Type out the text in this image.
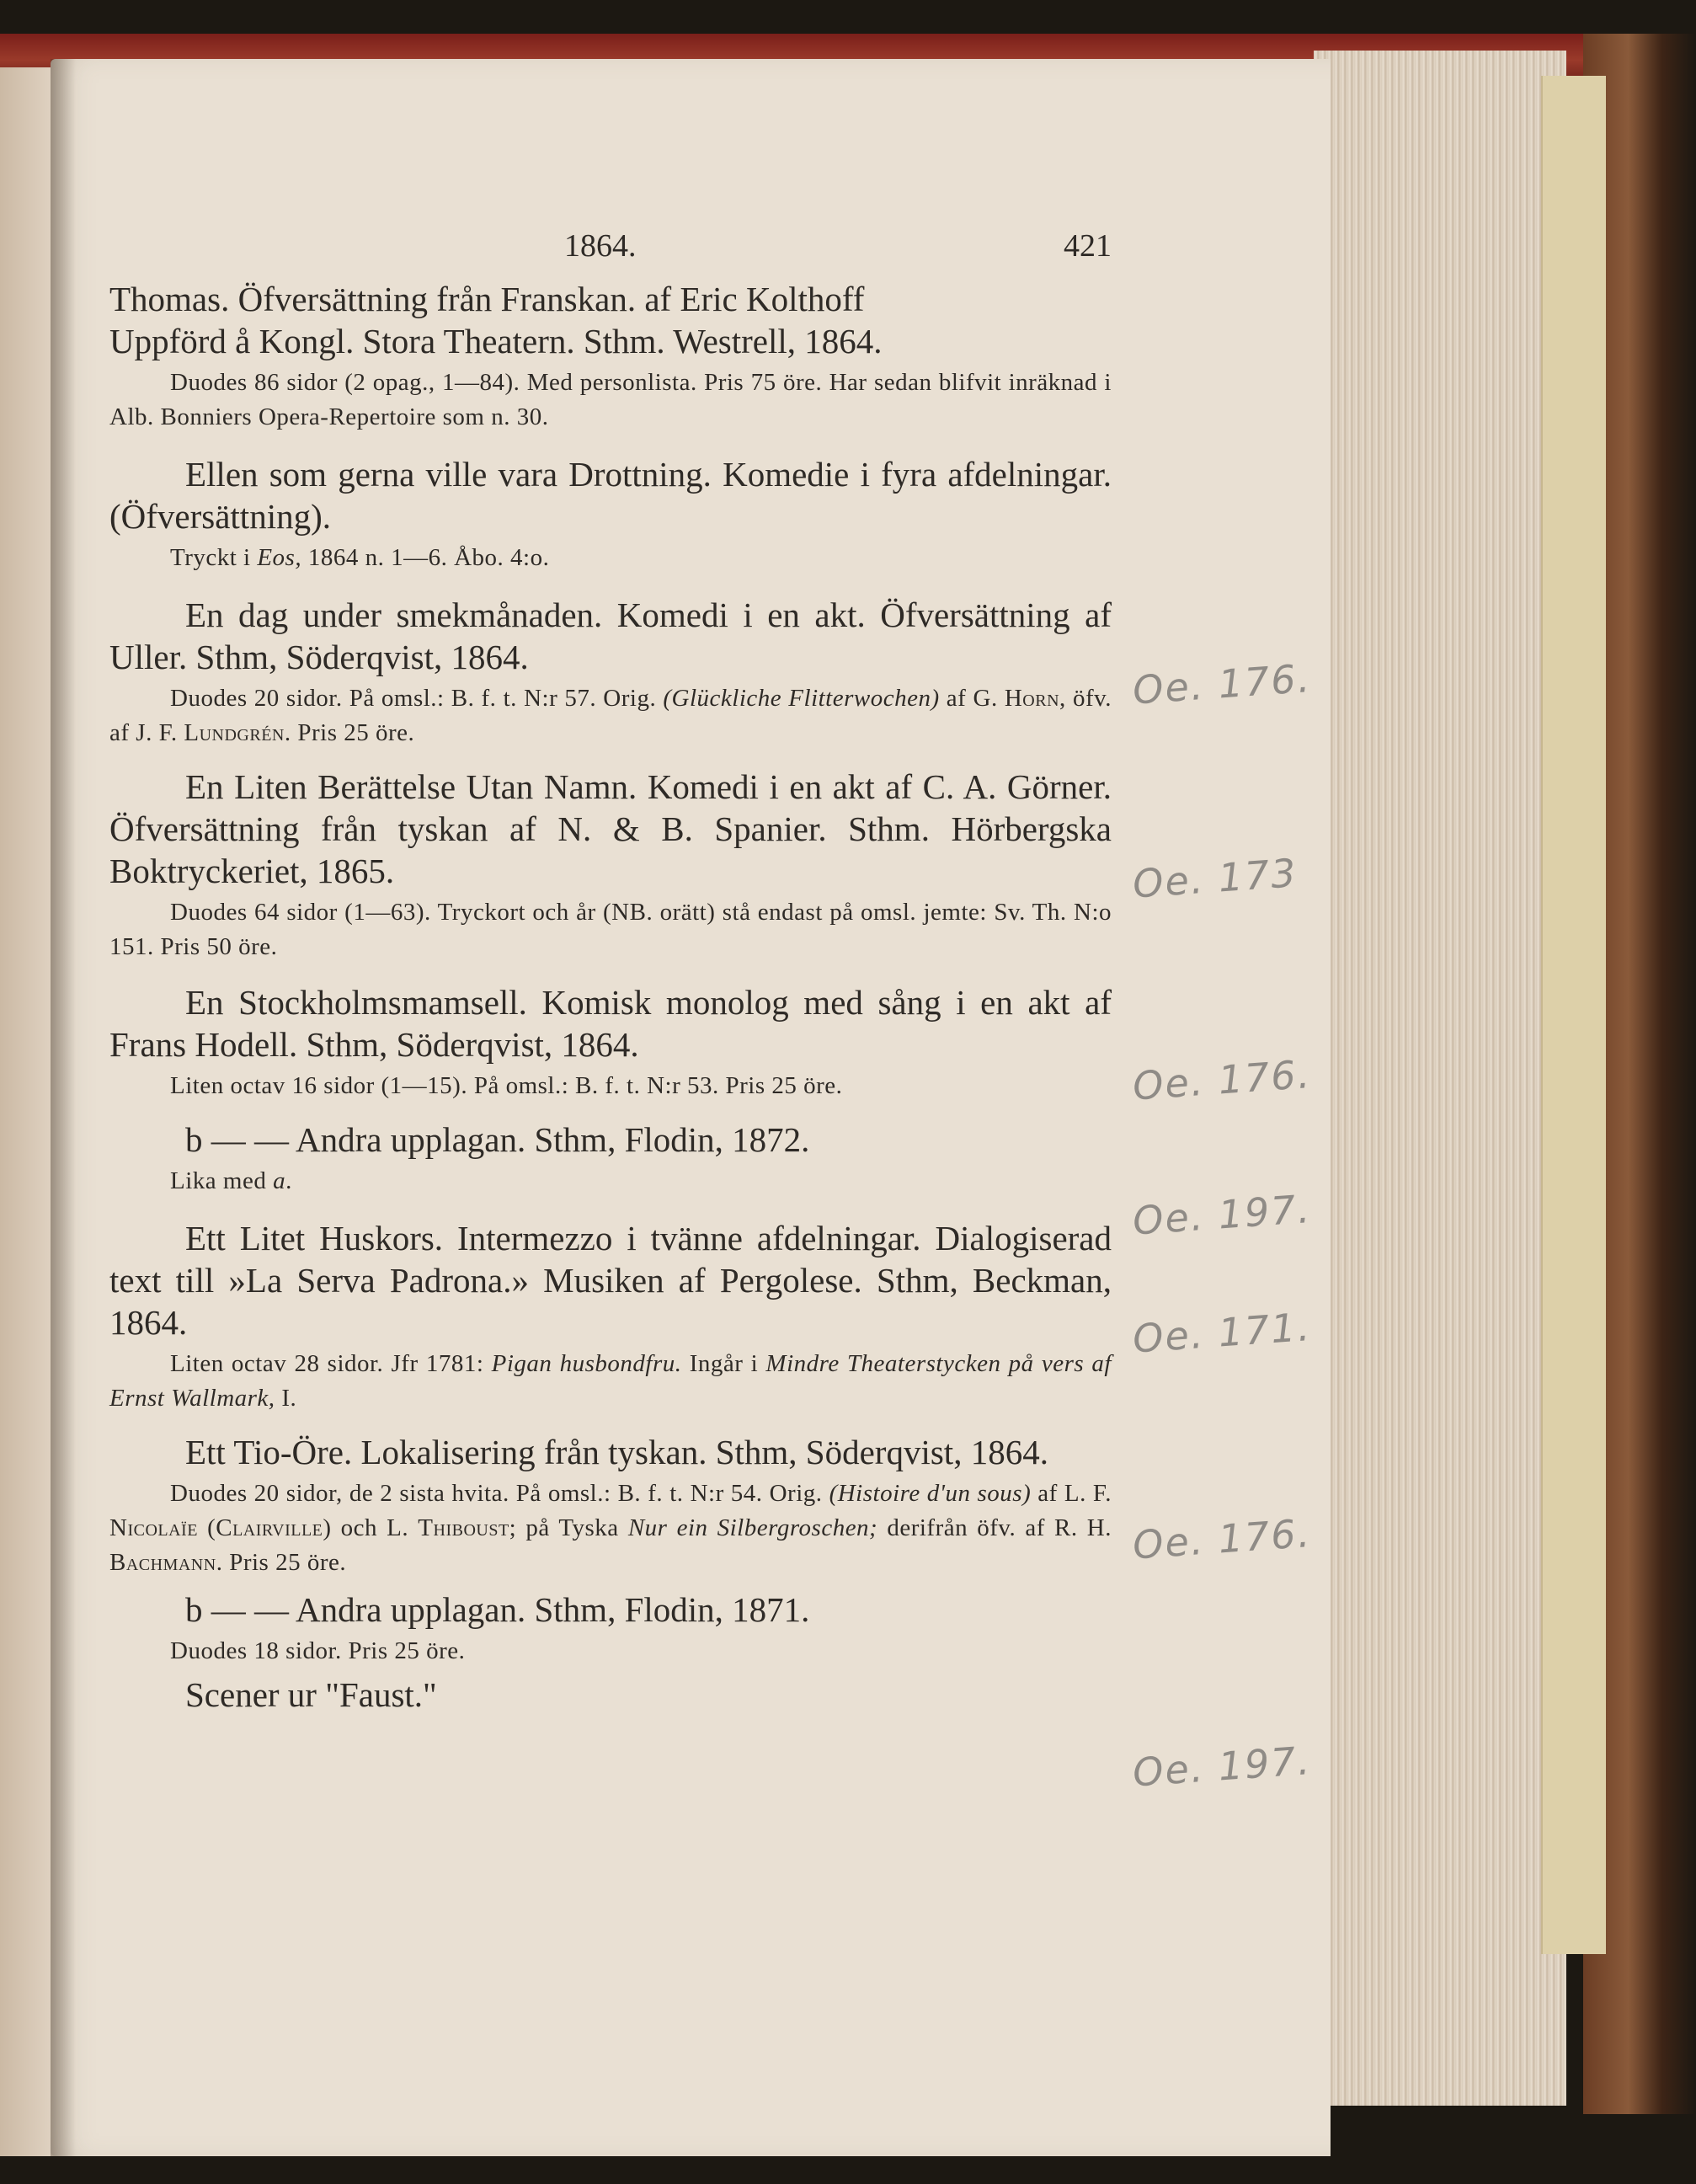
1864.	421

Thomas. Öfversättning från Franskan. af Eric Kolthoff

Uppförd å Kongl. Stora Theatern. Sthm. Westrell, 1864.

Duodes 86 sidor (2 opag., 1—84). Med personlista. Pris 75 öre. Har sedan blifvit inräknad i Alb. Bonniers Opera-Repertoire som n. 30.

Ellen som gerna ville vara Drottning. Komedie i fyra afdelningar. (Öfversättning).

Tryckt i Eos, 1864 n. 1—6. Åbo. 4:o.

En dag under smekmånaden. Komedi i en akt. Öfversättning af Uller. Sthm, Söderqvist, 1864.

Duodes 20 sidor. På omsl.: B. f. t. N:r 57. Orig. (Glückliche Flitterwochen) af G. Horn, öfv. af J. F. Lundgrén. Pris 25 öre.

En Liten Berättelse Utan Namn. Komedi i en akt af C. A. Görner. Öfversättning från tyskan af N. & B. Spanier. Sthm. Hörbergska Boktryckeriet, 1865.

Duodes 64 sidor (1—63). Tryckort och år (NB. orätt) stå endast på omsl. jemte: Sv. Th. N:o 151. Pris 50 öre.

En Stockholmsmamsell. Komisk monolog med sång i en akt af Frans Hodell. Sthm, Söderqvist, 1864.

Liten octav 16 sidor (1—15). På omsl.: B. f. t. N:r 53. Pris 25 öre.

b — — Andra upplagan. Sthm, Flodin, 1872.

Lika med a.

Ett Litet Huskors. Intermezzo i tvänne afdelningar. Dialogiserad text till »La Serva Padrona.» Musiken af Pergolese. Sthm, Beckman, 1864.

Liten octav 28 sidor. Jfr 1781: Pigan husbondfru. Ingår i Mindre Theaterstycken på vers af Ernst Wallmark, I.

Ett Tio-Öre. Lokalisering från tyskan. Sthm, Söderqvist, 1864.

Duodes 20 sidor, de 2 sista hvita. På omsl.: B. f. t. N:r 54. Orig. (Histoire d'un sous) af L. F. Nicolaïe (Clairville) och L. Thiboust; på Tyska Nur ein Silbergroschen; derifrån öfv. af R. H. Bachmann. Pris 25 öre.

b — — Andra upplagan. Sthm, Flodin, 1871.

Duodes 18 sidor. Pris 25 öre.

Scener ur "Faust."

Oe. 176.
Oe. 173
Oe. 176.
Oe. 197.
Oe. 171.
Oe. 176.
Oe. 197.
